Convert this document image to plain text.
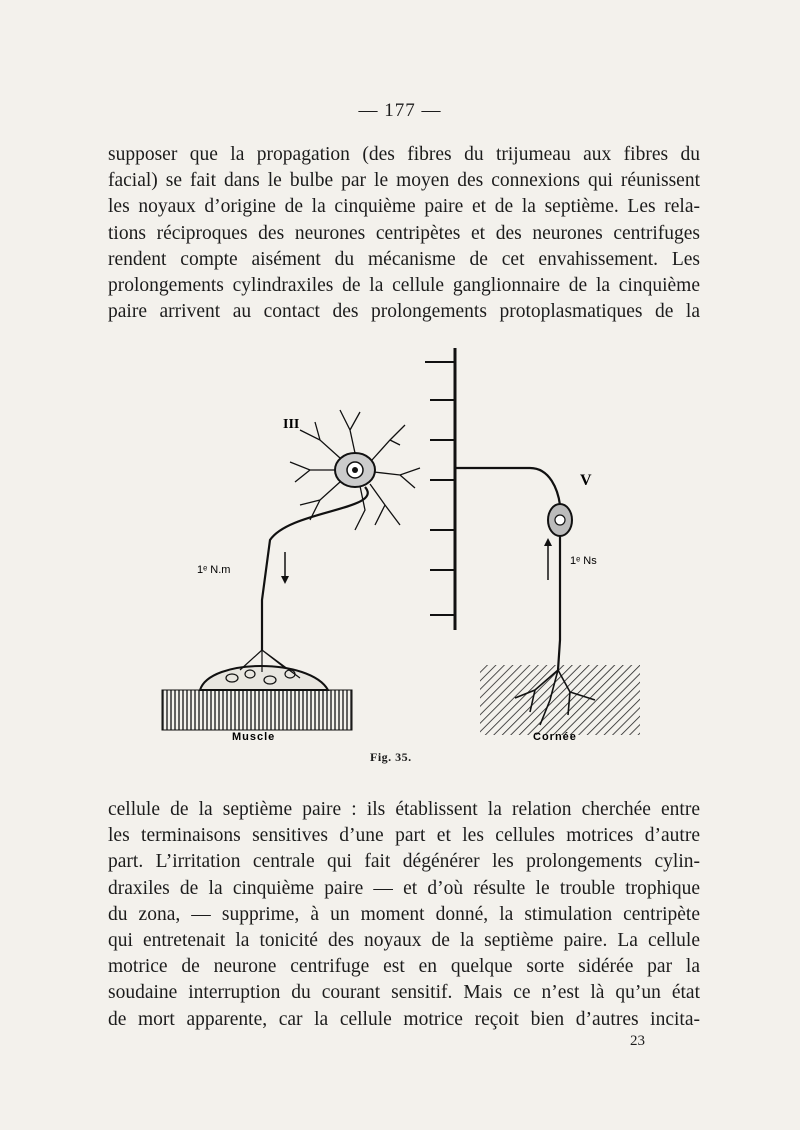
— 177 —

supposer que la propagation (des fibres du trijumeau aux fibres du
facial) se fait dans le bulbe par le moyen des connexions qui réunissent
les noyaux d’origine de la cinquième paire et de la septième. Les rela-
tions réciproques des neurones centripètes et des neurones centrifuges
rendent compte aisément du mécanisme de cet envahissement. Les
prolongements cylindraxiles de la cellule ganglionnaire de la cinquième
paire arrivent au contact des prolongements protoplasmatiques de la

III
V
1ᵉ N.m
1ᵉ Ns
Muscle	Cornée
Fig. 35.

cellule de la septième paire : ils établissent la relation cherchée entre
les terminaisons sensitives d’une part et les cellules motrices d’autre
part. L’irritation centrale qui fait dégénérer les prolongements cylin-
draxiles de la cinquième paire — et d’où résulte le trouble trophique
du zona, — supprime, à un moment donné, la stimulation centripète
qui entretenait la tonicité des noyaux de la septième paire. La cellule
motrice de neurone centrifuge est en quelque sorte sidérée par la
soudaine interruption du courant sensitif. Mais ce n’est là qu’un état
de mort apparente, car la cellule motrice reçoit bien d’autres incita-

23
